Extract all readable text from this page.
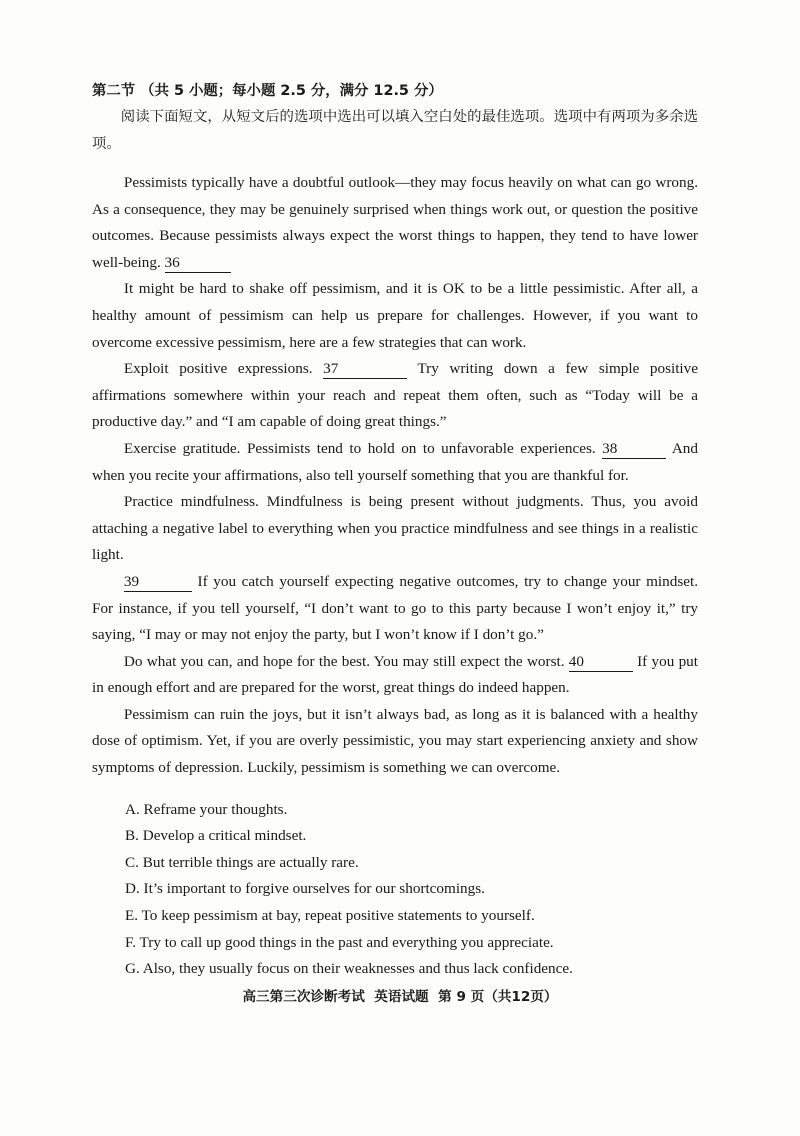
第二节 （共 5 小题；每小题 2.5 分，满分 12.5 分）

阅读下面短文，从短文后的选项中选出可以填入空白处的最佳选项。选项中有两项为多余选项。

Pessimists typically have a doubtful outlook—they may focus heavily on what can go wrong. As a consequence, they may be genuinely surprised when things work out, or question the positive outcomes. Because pessimists always expect the worst things to happen, they tend to have lower well-being. 36

It might be hard to shake off pessimism, and it is OK to be a little pessimistic. After all, a healthy amount of pessimism can help us prepare for challenges. However, if you want to overcome excessive pessimism, here are a few strategies that can work.

Exploit positive expressions. 37	Try writing down a few simple positive affirmations somewhere within your reach and repeat them often, such as “Today will be a productive day.” and “I am capable of doing great things.”

Exercise gratitude. Pessimists tend to hold on to unfavorable experiences. 38	And when you recite your affirmations, also tell yourself something that you are thankful for.

Practice mindfulness. Mindfulness is being present without judgments. Thus, you avoid attaching a negative label to everything when you practice mindfulness and see things in a realistic light.

39	If you catch yourself expecting negative outcomes, try to change your mindset. For instance, if you tell yourself, “I don’t want to go to this party because I won’t enjoy it,” try saying, “I may or may not enjoy the party, but I won’t know if I don’t go.”

Do what you can, and hope for the best. You may still expect the worst. 40	If you put in enough effort and are prepared for the worst, great things do indeed happen.

Pessimism can ruin the joys, but it isn’t always bad, as long as it is balanced with a healthy dose of optimism. Yet, if you are overly pessimistic, you may start experiencing anxiety and show symptoms of depression. Luckily, pessimism is something we can overcome.

A. Reframe your thoughts.

B. Develop a critical mindset.

C. But terrible things are actually rare.

D. It’s important to forgive ourselves for our shortcomings.

E. To keep pessimism at bay, repeat positive statements to yourself.

F. Try to call up good things in the past and everything you appreciate.

G. Also, they usually focus on their weaknesses and thus lack confidence.

高三第三次诊断考试  英语试题  第 9 页（共12页）
